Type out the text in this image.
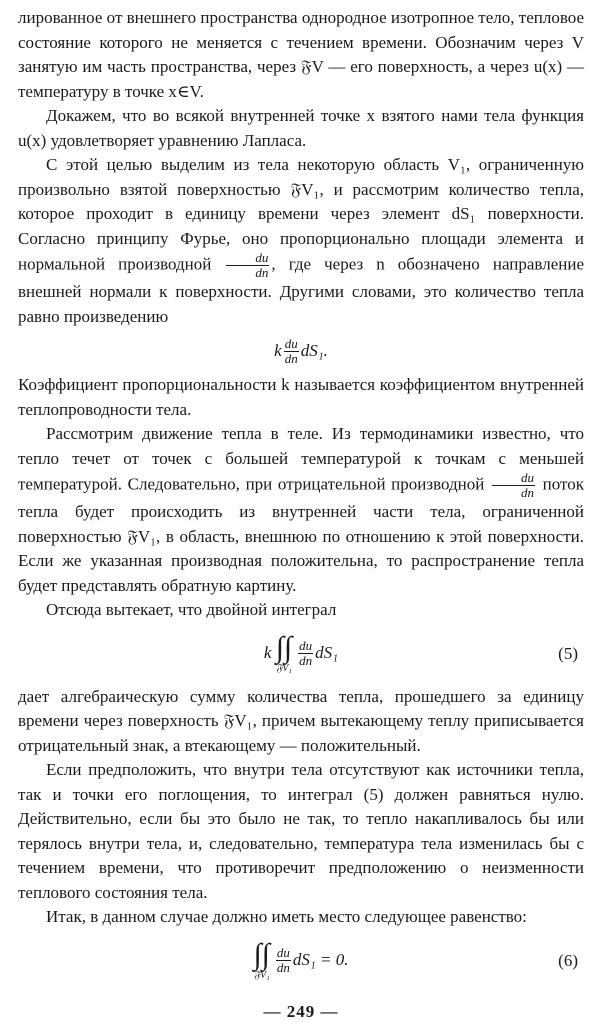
лированное от внешнего пространства однородное изотропное тело, тепловое состояние которого не меняется с течением времени. Обозначим через V занятую им часть пространства, через 𝔉V — его поверхность, а через u(x) — температуру в точке x∈V.

Докажем, что во всякой внутренней точке x взятого нами тела функция u(x) удовлетворяет уравнению Лапласа.

С этой целью выделим из тела некоторую область V₁, ограниченную произвольно взятой поверхностью 𝔉V₁, и рассмотрим количество тепла, которое проходит в единицу времени через элемент dS₁ поверхности. Согласно принципу Фурье, оно пропорционально площади элемента и нормальной производной $\frac{du}{dn}$ , где через n обозначено направление внешней нормали к поверхности. Другими словами, это количество тепла равно произведению

k $\frac{du}{dn} dS_1$.

Коэффициент пропорциональности k называется коэффициентом внутренней теплопроводности тела.

Рассмотрим движение тепла в теле. Из термодинамики известно, что тепло течет от точек с большей температурой к точкам с меньшей температурой. Следовательно, при отрицательной производной $\frac{du}{dn}$ поток тепла будет происходить из внутренней части тела, ограниченной поверхностью 𝔉V₁, в область, внешнюю по отношению к этой поверхности. Если же указанная производная положительна, то распространение тепла будет представлять обратную картину.

Отсюда вытекает, что двойной интеграл

k
∫∫
𝔉V₁
$\frac{du}{dn} dS_1$	(5)

дает алгебраическую сумму количества тепла, прошедшего за единицу времени через поверхность 𝔉V₁, причем вытекающему теплу приписывается отрицательный знак, а втекающему — положительный.

Если предположить, что внутри тела отсутствуют как источники тепла, так и точки его поглощения, то интеграл (5) должен равняться нулю. Действительно, если бы это было не так, то тепло накапливалось бы или терялось внутри тела, и, следовательно, температура тела изменилась бы с течением времени, что противоречит предположению о неизменности теплового состояния тела.

Итак, в данном случае должно иметь место следующее равенство:

∫∫
𝔉V₁
$\frac{du}{dn} dS_1 = 0$.	(6)
— 249 —
